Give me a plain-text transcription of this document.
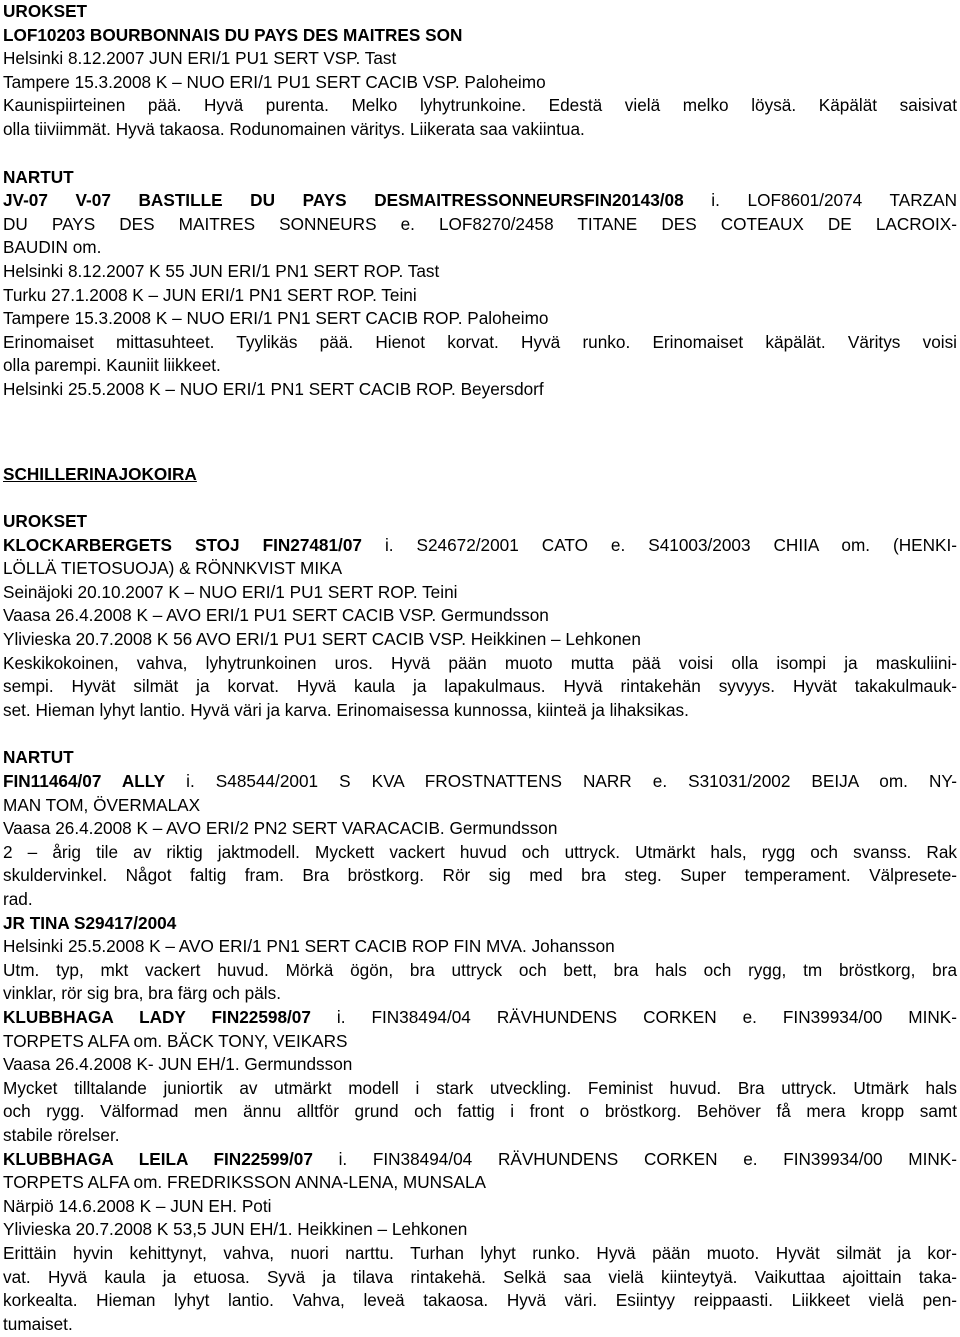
UROKSET
LOF10203 BOURBONNAIS DU PAYS DES MAITRES SON
Helsinki 8.12.2007 JUN ERI/1 PU1 SERT VSP. Tast
Tampere 15.3.2008 K – NUO ERI/1 PU1 SERT CACIB VSP. Paloheimo
Kaunispiirteinen pää. Hyvä purenta. Melko lyhytrunkoine. Edestä vielä melko löysä. Käpälät saisivat
olla tiiviimmät. Hyvä takaosa. Rodunomainen väritys. Liikerata saa vakiintua.
NARTUT
JV-07 V-07 BASTILLE DU PAYS DESMAITRESSONNEURSFIN20143/08 i. LOF8601/2074 TARZAN
DU PAYS DES MAITRES SONNEURS e. LOF8270/2458 TITANE DES COTEAUX DE LACROIX-
BAUDIN om.
Helsinki 8.12.2007 K 55 JUN ERI/1 PN1 SERT ROP. Tast
Turku 27.1.2008 K – JUN ERI/1 PN1 SERT ROP. Teini
Tampere 15.3.2008 K – NUO ERI/1 PN1 SERT CACIB ROP. Paloheimo
Erinomaiset mittasuhteet. Tyylikäs pää. Hienot korvat. Hyvä runko. Erinomaiset käpälät. Väritys voisi
olla parempi. Kauniit liikkeet.
Helsinki 25.5.2008 K – NUO ERI/1 PN1 SERT CACIB ROP. Beyersdorf
SCHILLERINAJOKOIRA
UROKSET
KLOCKARBERGETS STOJ FIN27481/07 i. S24672/2001 CATO e. S41003/2003 CHIIA om. (HENKI-
LÖLLÄ TIETOSUOJA) & RÖNNKVIST MIKA
Seinäjoki 20.10.2007 K – NUO ERI/1 PU1 SERT ROP. Teini
Vaasa 26.4.2008 K – AVO ERI/1 PU1 SERT CACIB VSP. Germundsson
Ylivieska 20.7.2008 K 56 AVO ERI/1 PU1 SERT CACIB VSP. Heikkinen – Lehkonen
Keskikokoinen, vahva, lyhytrunkoinen uros. Hyvä pään muoto mutta pää voisi olla isompi ja maskuliini-
sempi. Hyvät silmät ja korvat. Hyvä kaula ja lapakulmaus. Hyvä rintakehän syvyys. Hyvät takakulmauk-
set. Hieman lyhyt lantio. Hyvä väri ja karva. Erinomaisessa kunnossa, kiinteä ja lihaksikas.
NARTUT
FIN11464/07 ALLY i. S48544/2001 S KVA FROSTNATTENS NARR e. S31031/2002 BEIJA om. NY-
MAN TOM, ÖVERMALAX
Vaasa 26.4.2008 K – AVO ERI/2 PN2 SERT VARACACIB. Germundsson
2 – årig tile av riktig jaktmodell. Myckett vackert huvud och uttryck. Utmärkt hals, rygg och svanss. Rak
skuldervinkel. Något faltig fram. Bra bröstkorg. Rör sig med bra steg. Super temperament. Välpresete-
rad.
JR TINA S29417/2004
Helsinki 25.5.2008 K – AVO ERI/1 PN1 SERT CACIB ROP FIN MVA. Johansson
Utm. typ, mkt vackert huvud. Mörkä ögön, bra uttryck och bett, bra hals och rygg, tm bröstkorg, bra
vinklar, rör sig bra, bra färg och päls.
KLUBBHAGA LADY FIN22598/07 i. FIN38494/04 RÄVHUNDENS CORKEN e. FIN39934/00 MINK-
TORPETS ALFA om. BÄCK TONY, VEIKARS
Vaasa 26.4.2008 K- JUN EH/1. Germundsson
Mycket tilltalande juniortik av utmärkt modell i stark utveckling. Feminist huvud. Bra uttryck. Utmärk hals
och rygg. Välformad men ännu alltför grund och fattig i front o bröstkorg. Behöver få mera kropp samt
stabile rörelser.
KLUBBHAGA LEILA FIN22599/07 i. FIN38494/04 RÄVHUNDENS CORKEN e. FIN39934/00 MINK-
TORPETS ALFA om. FREDRIKSSON ANNA-LENA, MUNSALA
Närpiö 14.6.2008 K – JUN EH. Poti
Ylivieska 20.7.2008 K 53,5 JUN EH/1. Heikkinen – Lehkonen
Erittäin hyvin kehittynyt, vahva, nuori narttu. Turhan lyhyt runko. Hyvä pään muoto. Hyvät silmät ja kor-
vat. Hyvä kaula ja etuosa. Syvä ja tilava rintakehä. Selkä saa vielä kiinteytyä. Vaikuttaa ajoittain taka-
korkealta. Hieman lyhyt lantio. Vahva, leveä takaosa. Hyvä väri. Esiintyy reippaasti. Liikkeet vielä pen-
tumaiset.
